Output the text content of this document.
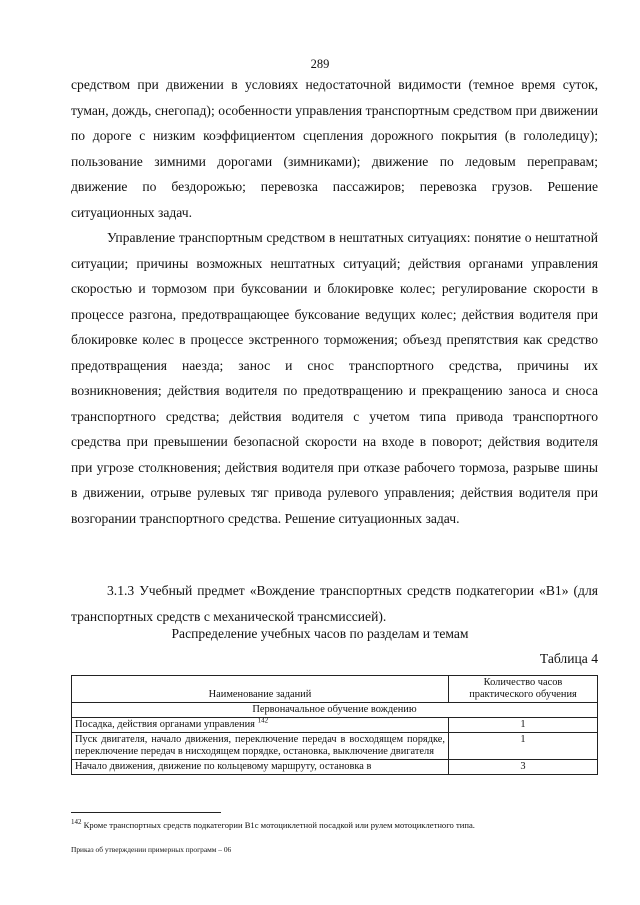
289

средством при движении в условиях недостаточной видимости (темное время суток, туман, дождь, снегопад); особенности управления транспортным средством при движении по дороге с низким коэффициентом сцепления дорожного покрытия (в гололедицу); пользование зимними дорогами (зимниками); движение по ледовым переправам; движение по бездорожью; перевозка пассажиров; перевозка грузов. Решение ситуационных задач.

Управление транспортным средством в нештатных ситуациях: понятие о нештатной ситуации; причины возможных нештатных ситуаций; действия органами управления скоростью и тормозом при буксовании и блокировке колес; регулирование скорости в процессе разгона, предотвращающее буксование ведущих колес; действия водителя при блокировке колес в процессе экстренного торможения; объезд препятствия как средство предотвращения наезда; занос и снос транспортного средства, причины их возникновения; действия водителя по предотвращению и прекращению заноса и сноса транспортного средства; действия водителя с учетом типа привода транспортного средства при превышении безопасной скорости на входе в поворот; действия водителя при угрозе столкновения; действия водителя при отказе рабочего тормоза, разрыве шины в движении, отрыве рулевых тяг привода рулевого управления; действия водителя при возгорании транспортного средства. Решение ситуационных задач.

3.1.3 Учебный предмет «Вождение транспортных средств подкатегории «B1» (для транспортных средств с механической трансмиссией).

Распределение учебных часов по разделам и темам
Таблица 4
Наименование заданий	Количество часов практического обучения
Первоначальное обучение вождению	
Посадка, действия органами управления $^{142}$	1
Пуск двигателя, начало движения, переключение передач в восходящем порядке, переключение передач в нисходящем порядке, остановка, выключение двигателя	1
Начало движения, движение по кольцевому маршруту, остановка в	3
$^{142}$ Кроме транспортных средств подкатегории B1с мотоциклетной посадкой или рулем мотоциклетного типа.
Приказ об утверждении примерных программ – 06
